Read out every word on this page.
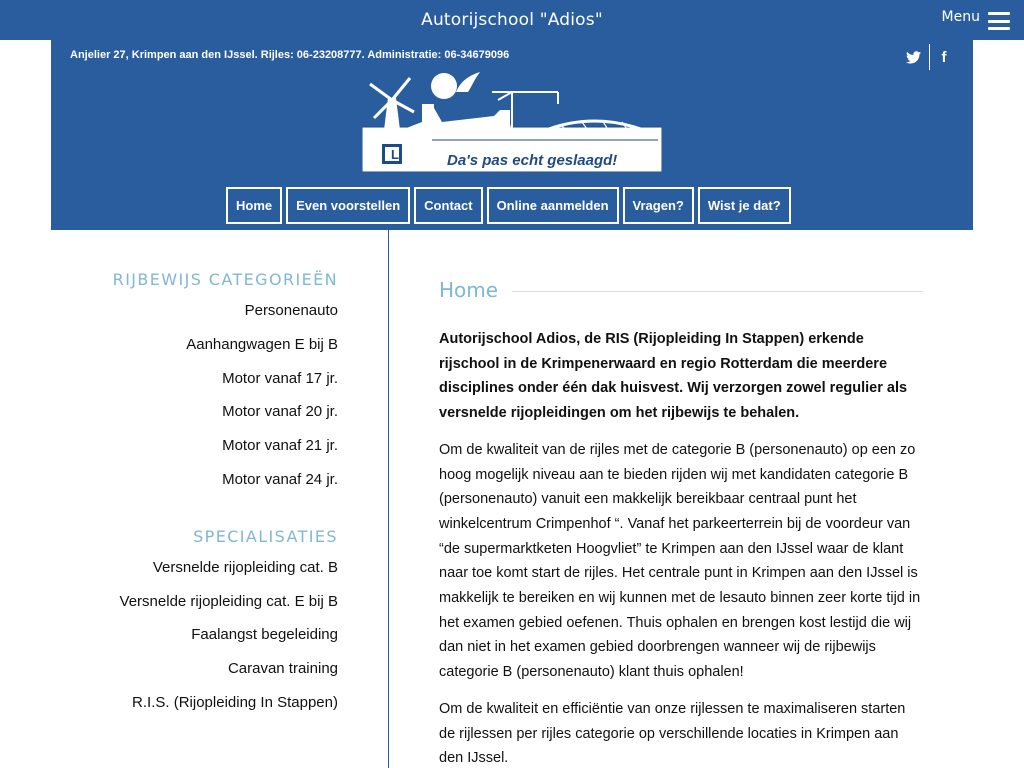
Autorijschool "Adios"	Menu
Anjelier 27, Krimpen aan den IJssel. Rijles: 06-23208777. Administratie: 06-34679096	f
L	Da's pas echt geslaagd!
Home	Even voorstellen	Contact	Online aanmelden	Vragen?	Wist je dat?
RIJBEWIJS CATEGORIEËN
Personenauto
Aanhangwagen E bij B
Motor vanaf 17 jr.
Motor vanaf 20 jr.
Motor vanaf 21 jr.
Motor vanaf 24 jr.
SPECIALISATIES
Versnelde rijopleiding cat. B
Versnelde rijopleiding cat. E bij B
Faalangst begeleiding
Caravan training
R.I.S. (Rijopleiding In Stappen)
Home

Autorijschool Adios, de RIS (Rijopleiding In Stappen) erkende rijschool in de Krimpenerwaard en regio Rotterdam die meerdere disciplines onder één dak huisvest. Wij verzorgen zowel regulier als versnelde rijopleidingen om het rijbewijs te behalen.

Om de kwaliteit van de rijles met de categorie B (personenauto) op een zo hoog mogelijk niveau aan te bieden rijden wij met kandidaten categorie B (personenauto) vanuit een makkelijk bereikbaar centraal punt het winkelcentrum Crimpenhof “. Vanaf het parkeerterrein bij de voordeur van “de supermarktketen Hoogvliet” te Krimpen aan den IJssel waar de klant naar toe komt start de rijles. Het centrale punt in Krimpen aan den IJssel is makkelijk te bereiken en wij kunnen met de lesauto binnen zeer korte tijd in het examen gebied oefenen. Thuis ophalen en brengen kost lestijd die wij dan niet in het examen gebied doorbrengen wanneer wij de rijbewijs categorie B (personenauto) klant thuis ophalen!

Om de kwaliteit en efficiëntie van onze rijlessen te maximaliseren starten de rijlessen per rijles categorie op verschillende locaties in Krimpen aan den IJssel.
